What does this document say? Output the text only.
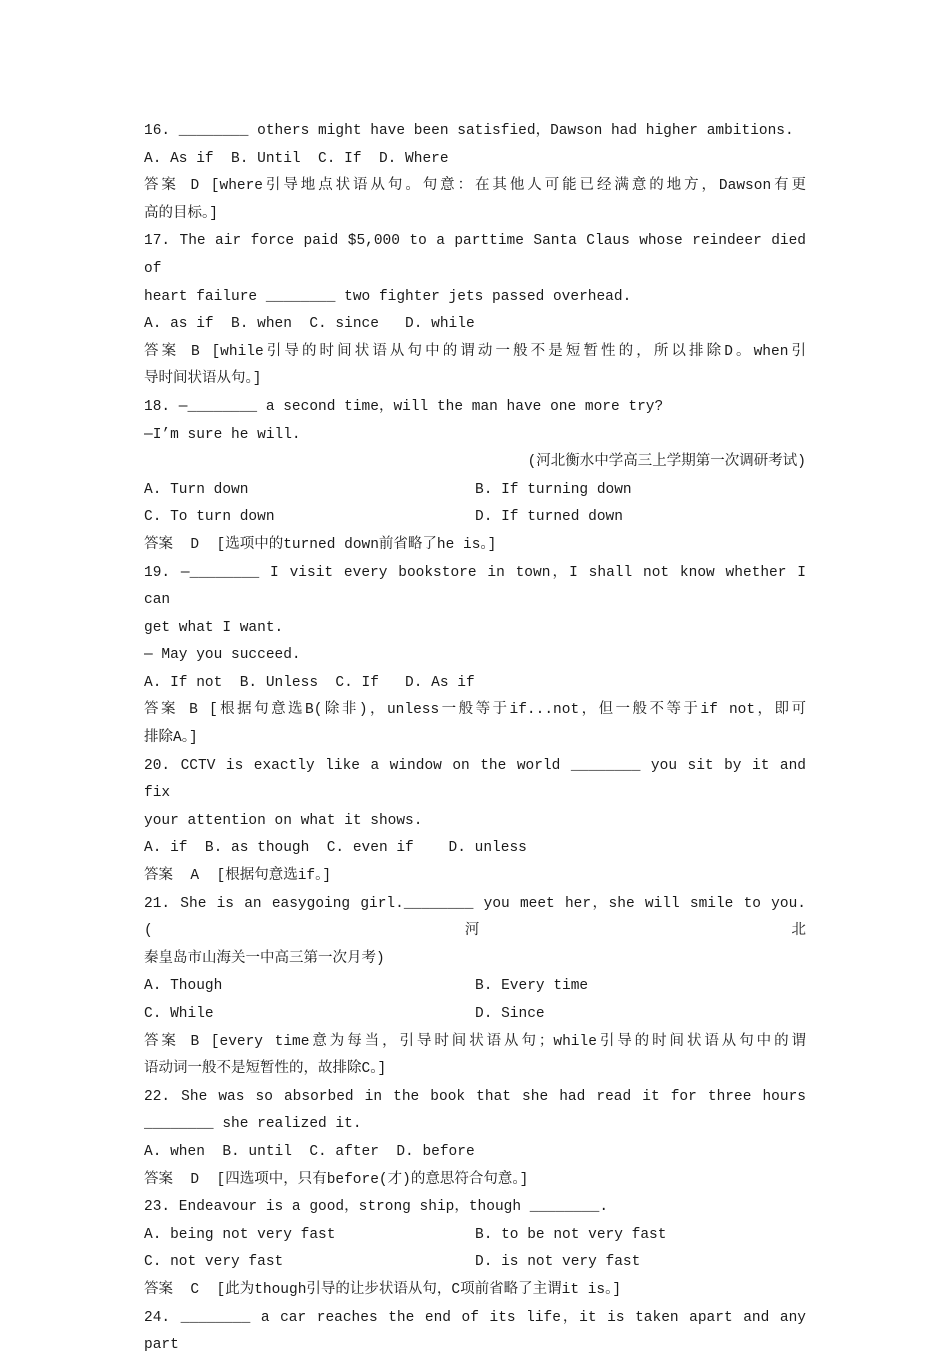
16. ________ others might have been satisfied，Dawson had higher ambitions.
A. As if  B. Until  C. If  D. Where
答案 D [where引导地点状语从句。句意：在其他人可能已经满意的地方，Dawson有更
高的目标。]
17. The air force paid $5,000 to a parttime Santa Claus whose reindeer died of
heart failure ________ two fighter jets passed overhead.
A. as if  B. when  C. since   D. while
答案 B [while引导的时间状语从句中的谓动一般不是短暂性的，所以排除D。when引
导时间状语从句。]
18. —________ a second time，will the man have one more try?
—I’m sure he will.
(河北衡水中学高三上学期第一次调研考试)
A. Turn down	B. If turning down
C. To turn down	D. If turned down
答案  D  [选项中的turned down前省略了he is。]
19. —________ I visit every bookstore in town，I shall not know whether I can
get what I want.
— May you succeed.
A. If not  B. Unless  C. If   D. As if
答案 B [根据句意选B(除非)，unless一般等于if...not，但一般不等于if not，即可
排除A。]
20. CCTV is exactly like a window on the world ________ you sit by it and fix
your attention on what it shows.
A. if  B. as though  C. even if    D. unless
答案  A  [根据句意选if。]
21. She is an easygoing girl.________ you meet her，she will smile to you.(河北
秦皇岛市山海关一中高三第一次月考)
A. Though	B. Every time
C. While	D. Since
答案 B [every time意为每当，引导时间状语从句；while引导的时间状语从句中的谓
语动词一般不是短暂性的，故排除C。]
22. She was so absorbed in the book that she had read it for three hours
________ she realized it.
A. when  B. until  C. after  D. before
答案  D  [四选项中，只有before(才)的意思符合句意。]
23. Endeavour is a good，strong ship，though ________.
A. being not very fast	B. to be not very fast
C. not very fast	D. is not very fast
答案  C  [此为though引导的让步状语从句，C项前省略了主谓it is。]
24. ________ a car reaches the end of its life，it is taken apart and any part
